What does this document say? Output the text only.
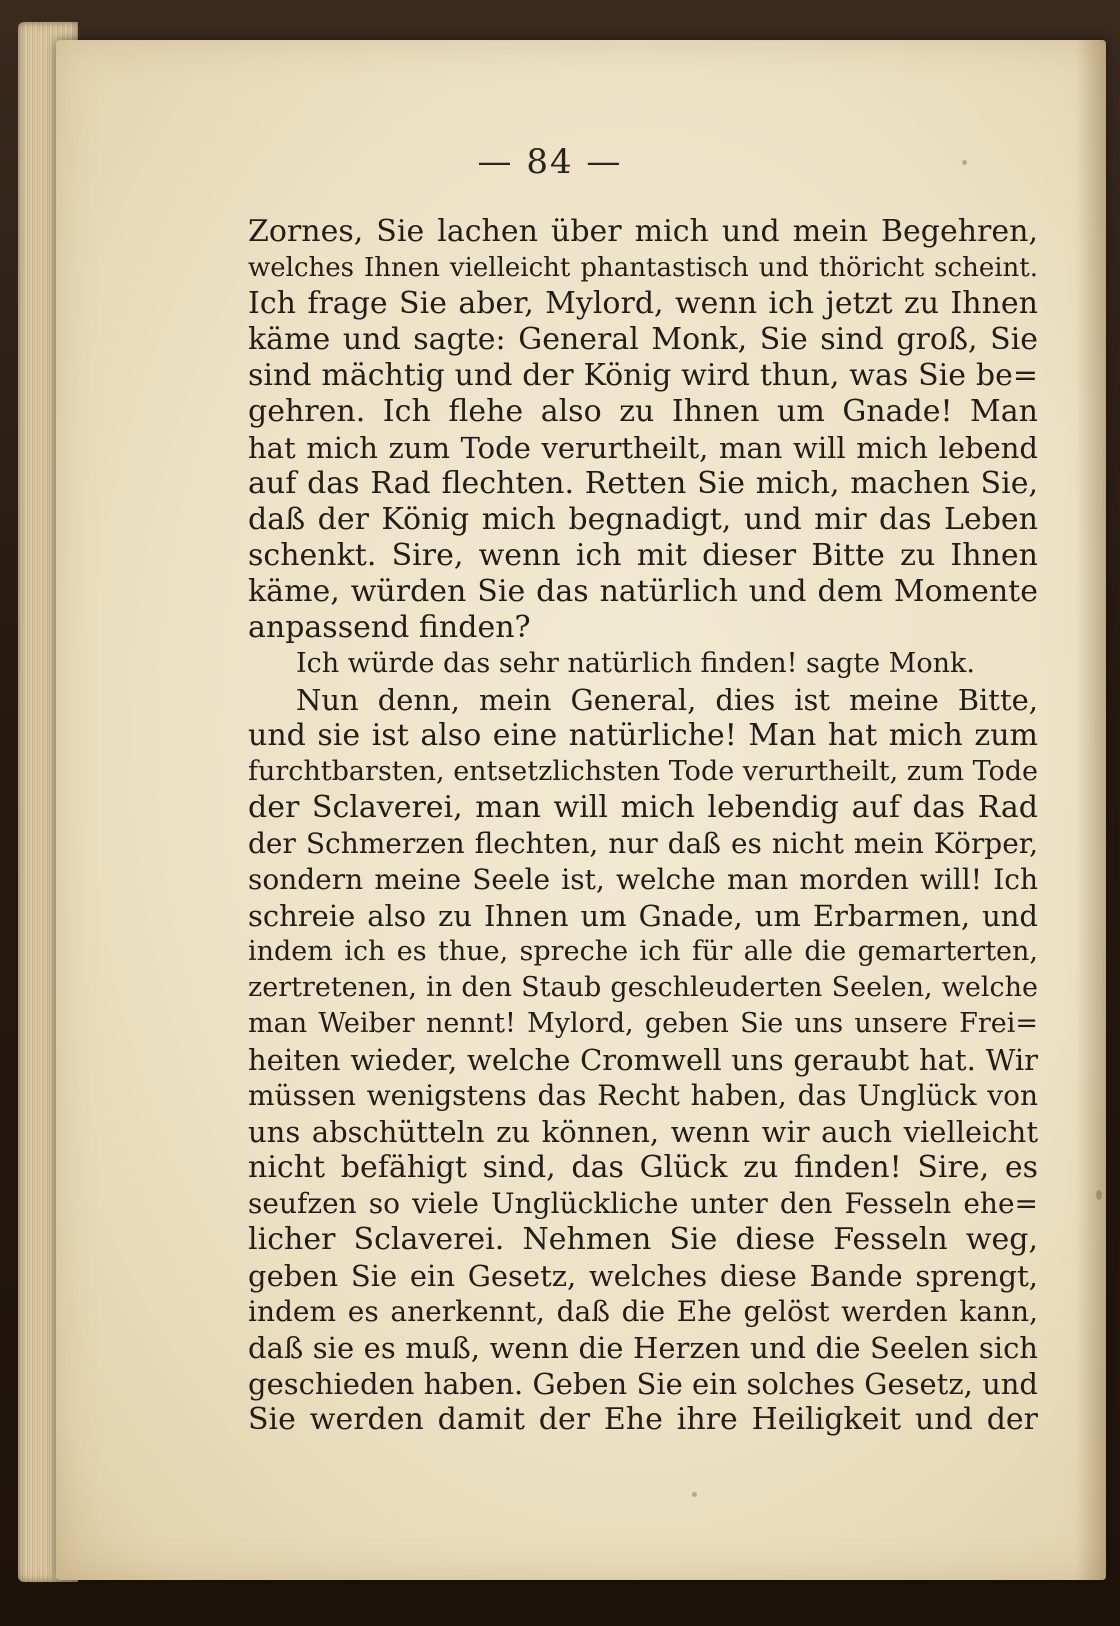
— 84 —
Zornes, Sie lachen über mich und mein Begehren,
welches Ihnen vielleicht phantastisch und thöricht scheint.
Ich frage Sie aber, Mylord, wenn ich jetzt zu Ihnen
käme und sagte: General Monk, Sie sind groß, Sie
sind mächtig und der König wird thun, was Sie be=
gehren. Ich flehe also zu Ihnen um Gnade! Man
hat mich zum Tode verurtheilt, man will mich lebend
auf das Rad flechten. Retten Sie mich, machen Sie,
daß der König mich begnadigt, und mir das Leben
schenkt. Sire, wenn ich mit dieser Bitte zu Ihnen
käme, würden Sie das natürlich und dem Momente
anpassend finden?
Ich würde das sehr natürlich finden! sagte Monk.
Nun denn, mein General, dies ist meine Bitte,
und sie ist also eine natürliche! Man hat mich zum
furchtbarsten, entsetzlichsten Tode verurtheilt, zum Tode
der Sclaverei, man will mich lebendig auf das Rad
der Schmerzen flechten, nur daß es nicht mein Körper,
sondern meine Seele ist, welche man morden will! Ich
schreie also zu Ihnen um Gnade, um Erbarmen, und
indem ich es thue, spreche ich für alle die gemarterten,
zertretenen, in den Staub geschleuderten Seelen, welche
man Weiber nennt! Mylord, geben Sie uns unsere Frei=
heiten wieder, welche Cromwell uns geraubt hat. Wir
müssen wenigstens das Recht haben, das Unglück von
uns abschütteln zu können, wenn wir auch vielleicht
nicht befähigt sind, das Glück zu finden! Sire, es
seufzen so viele Unglückliche unter den Fesseln ehe=
licher Sclaverei. Nehmen Sie diese Fesseln weg,
geben Sie ein Gesetz, welches diese Bande sprengt,
indem es anerkennt, daß die Ehe gelöst werden kann,
daß sie es muß, wenn die Herzen und die Seelen sich
geschieden haben. Geben Sie ein solches Gesetz, und
Sie werden damit der Ehe ihre Heiligkeit und der
